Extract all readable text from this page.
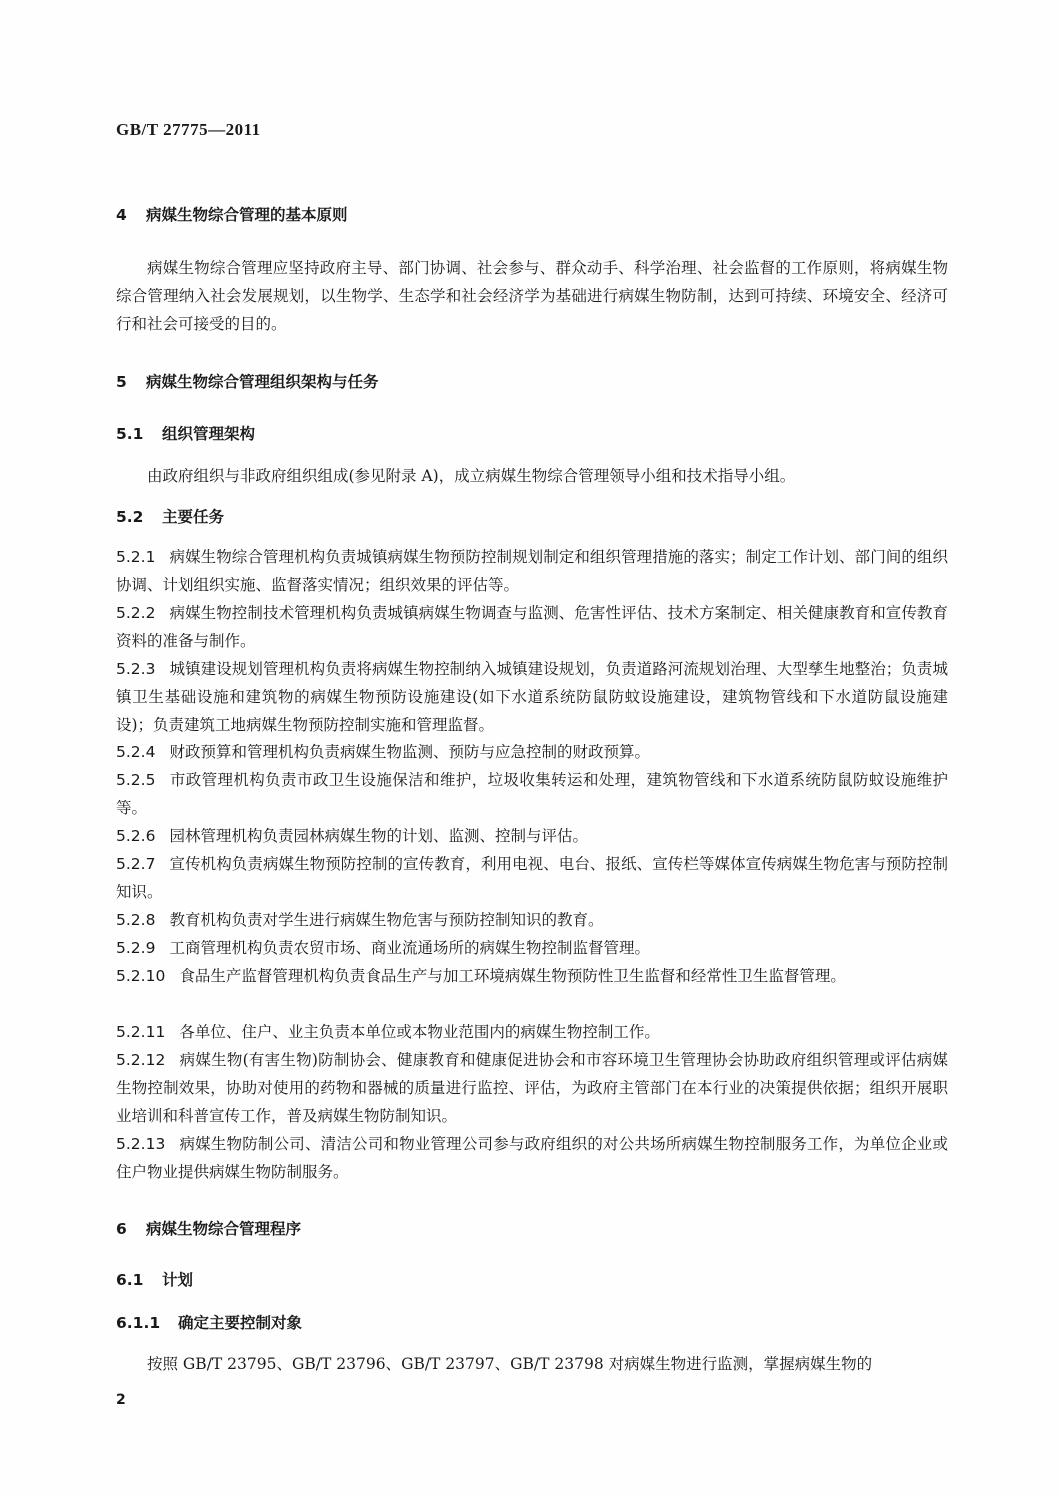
GB/T 27775—2011
4 病媒生物综合管理的基本原则
病媒生物综合管理应坚持政府主导、部门协调、社会参与、群众动手、科学治理、社会监督的工作原则，将病媒生物综合管理纳入社会发展规划，以生物学、生态学和社会经济学为基础进行病媒生物防制，达到可持续、环境安全、经济可行和社会可接受的目的。
5 病媒生物综合管理组织架构与任务
5.1 组织管理架构
由政府组织与非政府组织组成(参见附录 A)，成立病媒生物综合管理领导小组和技术指导小组。
5.2 主要任务
5.2.1 病媒生物综合管理机构负责城镇病媒生物预防控制规划制定和组织管理措施的落实；制定工作计划、部门间的组织协调、计划组织实施、监督落实情况；组织效果的评估等。
5.2.2 病媒生物控制技术管理机构负责城镇病媒生物调查与监测、危害性评估、技术方案制定、相关健康教育和宣传教育资料的准备与制作。
5.2.3 城镇建设规划管理机构负责将病媒生物控制纳入城镇建设规划，负责道路河流规划治理、大型孳生地整治；负责城镇卫生基础设施和建筑物的病媒生物预防设施建设(如下水道系统防鼠防蚊设施建设，建筑物管线和下水道防鼠设施建设)；负责建筑工地病媒生物预防控制实施和管理监督。
5.2.4 财政预算和管理机构负责病媒生物监测、预防与应急控制的财政预算。
5.2.5 市政管理机构负责市政卫生设施保洁和维护，垃圾收集转运和处理，建筑物管线和下水道系统防鼠防蚊设施维护等。
5.2.6 园林管理机构负责园林病媒生物的计划、监测、控制与评估。
5.2.7 宣传机构负责病媒生物预防控制的宣传教育，利用电视、电台、报纸、宣传栏等媒体宣传病媒生物危害与预防控制知识。
5.2.8 教育机构负责对学生进行病媒生物危害与预防控制知识的教育。
5.2.9 工商管理机构负责农贸市场、商业流通场所的病媒生物控制监督管理。
5.2.10 食品生产监督管理机构负责食品生产与加工环境病媒生物预防性卫生监督和经常性卫生监督管理。
5.2.11 各单位、住户、业主负责本单位或本物业范围内的病媒生物控制工作。
5.2.12 病媒生物(有害生物)防制协会、健康教育和健康促进协会和市容环境卫生管理协会协助政府组织管理或评估病媒生物控制效果，协助对使用的药物和器械的质量进行监控、评估，为政府主管部门在本行业的决策提供依据；组织开展职业培训和科普宣传工作，普及病媒生物防制知识。
5.2.13 病媒生物防制公司、清洁公司和物业管理公司参与政府组织的对公共场所病媒生物控制服务工作，为单位企业或住户物业提供病媒生物防制服务。
6 病媒生物综合管理程序
6.1 计划
6.1.1 确定主要控制对象
按照 GB/T 23795、GB/T 23796、GB/T 23797、GB/T 23798 对病媒生物进行监测，掌握病媒生物的
2
